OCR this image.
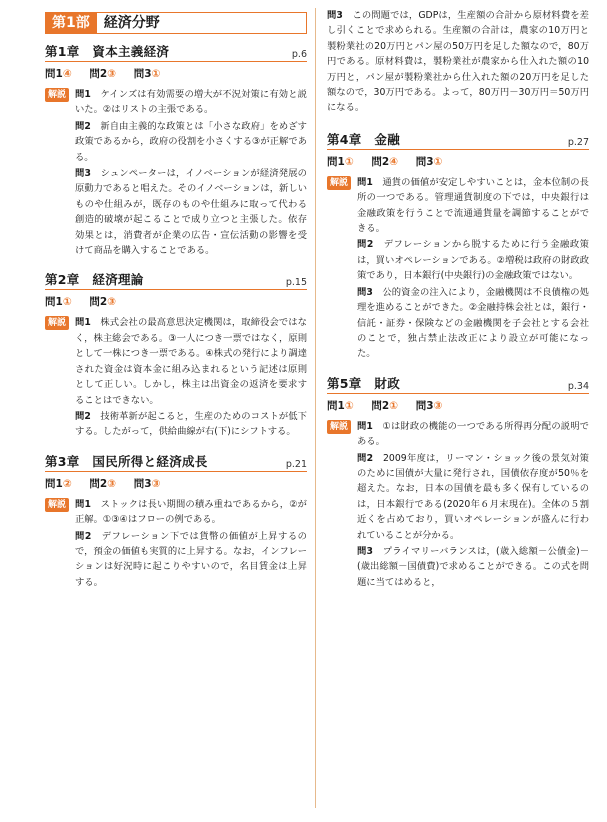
第1部	経済分野
第1章　資本主義経済	p.6
問1④ 問2③ 問3①
解説 問1　 ケインズは有効需要の増大が不況対策に有効と説いた。②はリストの主張である。

問2　 新自由主義的な政策とは「小さな政府」をめざす政策であるから，政府の役割を小さくする③が正解である。

問3　 シュンペーターは，イノベーションが経済発展の原動力であると唱えた。そのイノベーションは，新しいものや仕組みが，既存のものや仕組みに取って代わる創造的破壊が起こることで成り立つと主張した。依存効果とは，消費者が企業の広告・宣伝活動の影響を受けて商品を購入することである。

第2章　経済理論	p.15
問1① 問2③
解説 問1　 株式会社の最高意思決定機関は，取締役会ではなく，株主総会である。③一人につき一票ではなく，原則として一株につき一票である。④株式の発行により調達された資金は資本金に組み込まれるという記述は原則として正しい。しかし，株主は出資金の返済を要求することはできない。

問2　 技術革新が起こると，生産のためのコストが低下する。したがって，供給曲線が右(下)にシフトする。

第3章　国民所得と経済成長	p.21
問1② 問2③ 問3③
解説 問1　 ストックは長い期間の積み重ねであるから，②が正解。①③④はフローの例である。

問2　 デフレーション下では貨幣の価値が上昇するので，預金の価値も実質的に上昇する。なお，インフレーションは好況時に起こりやすいので，名目賃金は上昇する。

問3　 この問題では，GDPは，生産額の合計から原材料費を差し引くことで求められる。生産額の合計は，農家の10万円と製粉業社の20万円とパン屋の50万円を足した額なので，80万円である。原材料費は，製粉業社が農家から仕入れた額の10万円と，パン屋が製粉業社から仕入れた額の20万円を足した額なので，30万円である。よって，80万円－30万円＝50万円になる。
第4章　金融	p.27
問1① 問2④ 問3①
解説 問1　 通貨の価値が安定しやすいことは，金本位制の長所の一つである。管理通貨制度の下では，中央銀行は金融政策を行うことで流通通貨量を調節することができる。

問2　 デフレーションから脱するために行う金融政策は，買いオペレーションである。②増税は政府の財政政策であり，日本銀行(中央銀行)の金融政策ではない。

問3　 公的資金の注入により，金融機関は不良債権の処理を進めることができた。②金融持株会社とは，銀行・信託・証券・保険などの金融機関を子会社とする会社のことで，独占禁止法改正により設立が可能になった。

第5章　財政	p.34
問1① 問2① 問3③
解説 問1　 ①は財政の機能の一つである所得再分配の説明である。

問2　 2009年度は，リーマン・ショック後の景気対策のために国債が大量に発行され，国債依存度が50％を超えた。なお，日本の国債を最も多く保有しているのは，日本銀行である(2020年６月末現在)。全体の５割近くを占めており，買いオペレーションが盛んに行われていることが分かる。

問3　 プライマリーバランスは，(歳入総額－公債金)－(歳出総額－国債費)で求めることができる。この式を問題に当てはめると，
